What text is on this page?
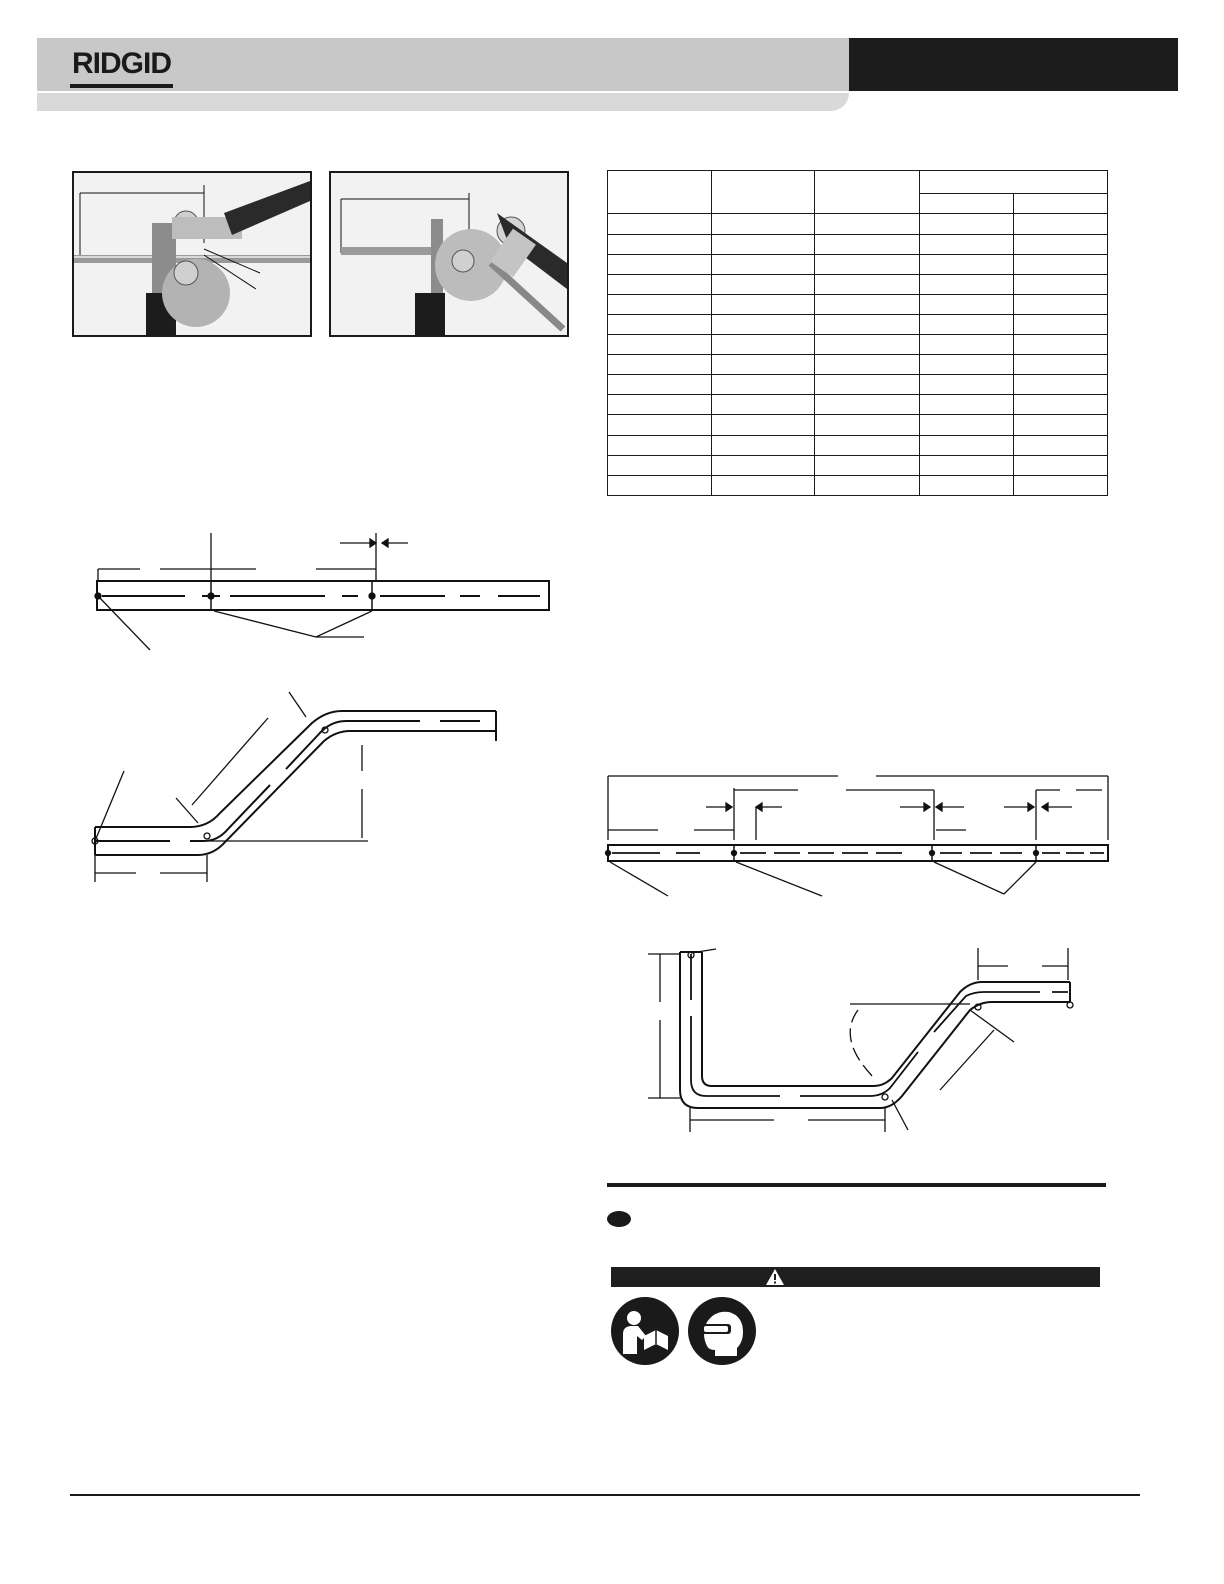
RIDGID
